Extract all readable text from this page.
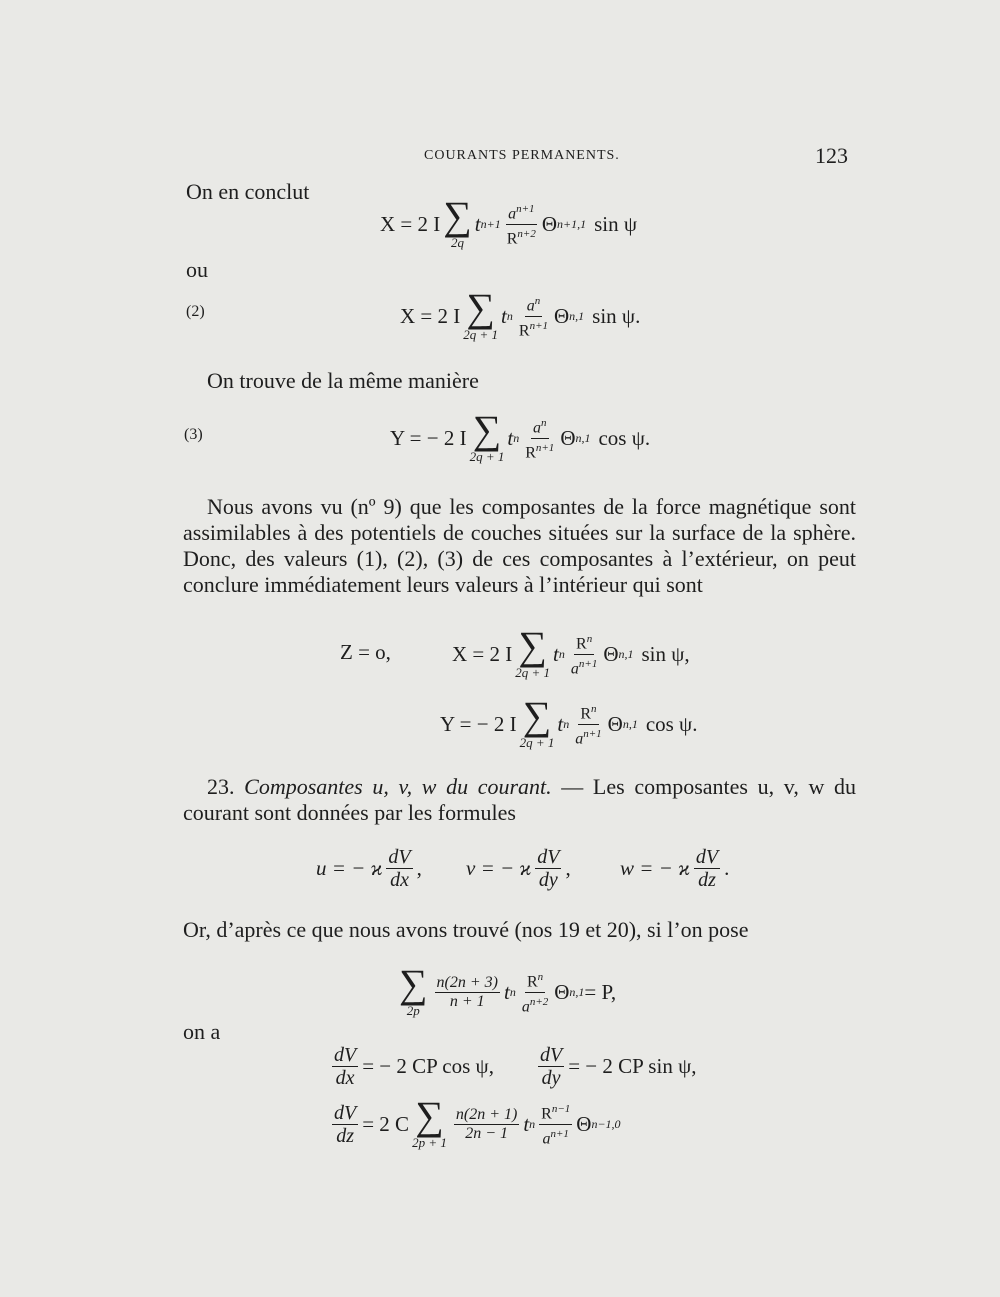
COURANTS PERMANENTS.	123
On en conclut
X = 2 I ∑
2q
t $n+1 \frac{a^{n+1}}{R^{n+2}}$ Θ n+1,1 sin ψ
ou
(2)	X = 2 I ∑
2q + 1
t n $\frac{a^n}{R^{n+1}}$ Θ n,1 sin ψ.
On trouve de la même manière
(3)	Y = − 2 I ∑
2q + 1
t n $\frac{a^n}{R^{n+1}}$ Θ n,1 cos ψ.
Nous avons vu (nº 9) que les composantes de la force magnétique sont assimilables à des potentiels de couches situées sur la surface de la sphère. Donc, des valeurs (1), (2), (3) de ces composantes à l’extérieur, on peut conclure immédiatement leurs valeurs à l’intérieur qui sont
Z = o,	X = 2 I ∑
2q + 1
t n $\frac{R^n}{a^{n+1}}$ Θ n,1 sin ψ,
Y = − 2 I ∑
2q + 1
t n $\frac{R^n}{a^{n+1}}$ Θ n,1 cos ψ.
23. Composantes u, v, w du courant. — Les composantes u, v, w du courant sont données par les formules
u = − ϰ $\frac{dV}{dx}$ , v = − ϰ $\frac{dV}{dy}$ , w = − ϰ $\frac{dV}{dz}$ .
Or, d’après ce que nous avons trouvé (nos 19 et 20), si l’on pose
∑
$2p \frac{n(2n + 3)}{n + 1}$ t n $\frac{R^n}{a^{n+2}}$ Θ n,1 = P,
on a
$\frac{dV}{dx}$ = − 2 CP cos ψ, $\frac{dV}{dy}$ = − 2 CP sin ψ,
$\frac{dV}{dz} = 2$ C ∑
$2p + 1 \frac{n(2n + 1)}{2n - 1}$ t n $\frac{R^{n-1}}{a^{n+1}}$ Θ n−1,0
